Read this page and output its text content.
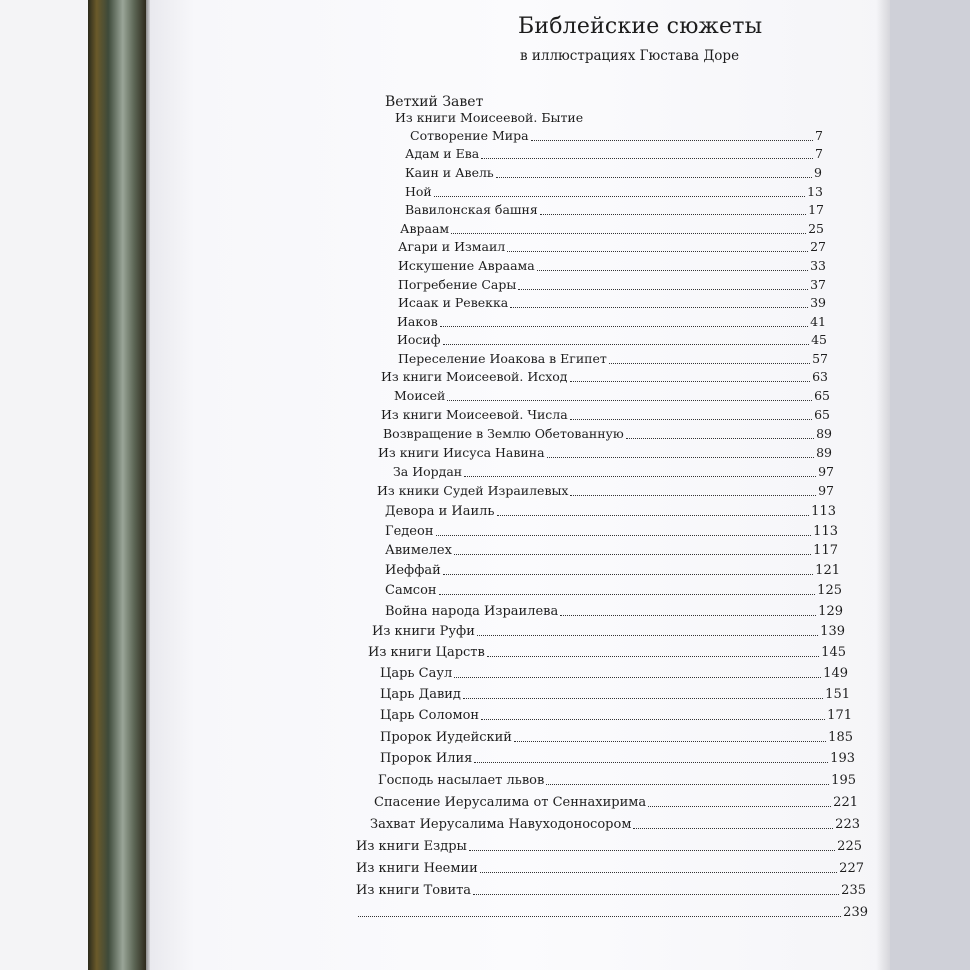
Библейские сюжеты
в иллюстрациях Гюстава Доре
Ветхий Завет
Из книги Моисеевой. Бытие
Сотворение Мира	7
Адам и Ева	7
Каин и Авель	9
Ной	13
Вавилонская башня	17
Авраам	25
Агари и Измаил	27
Искушение Авраама	33
Погребение Сары	37
Исаак и Ревекка	39
Иаков	41
Иосиф	45
Переселение Иоакова в Египет	57
Из книги Моисеевой. Исход	63
Моисей	65
Из книги Моисеевой. Числа	65
Возвращение в Землю Обетованную	89
Из книги Иисуса Навина	89
За Иордан	97
Из кники Судей Израилевых	97
Девора и Иаиль	113
Гедеон	113
Авимелех	117
Иеффай	121
Самсон	125
Война народа Израилева	129
Из книги Руфи	139
Из книги Царств	145
Царь Саул	149
Царь Давид	151
Царь Соломон	171
Пророк Иудейский	185
Пророк Илия	193
Господь насылает львов	195
Спасение Иерусалима от Сеннахирима	221
Захват Иерусалима Навуходоносором	223
Из книги Ездры	225
Из книги Неемии	227
Из книги Товита	235
239
